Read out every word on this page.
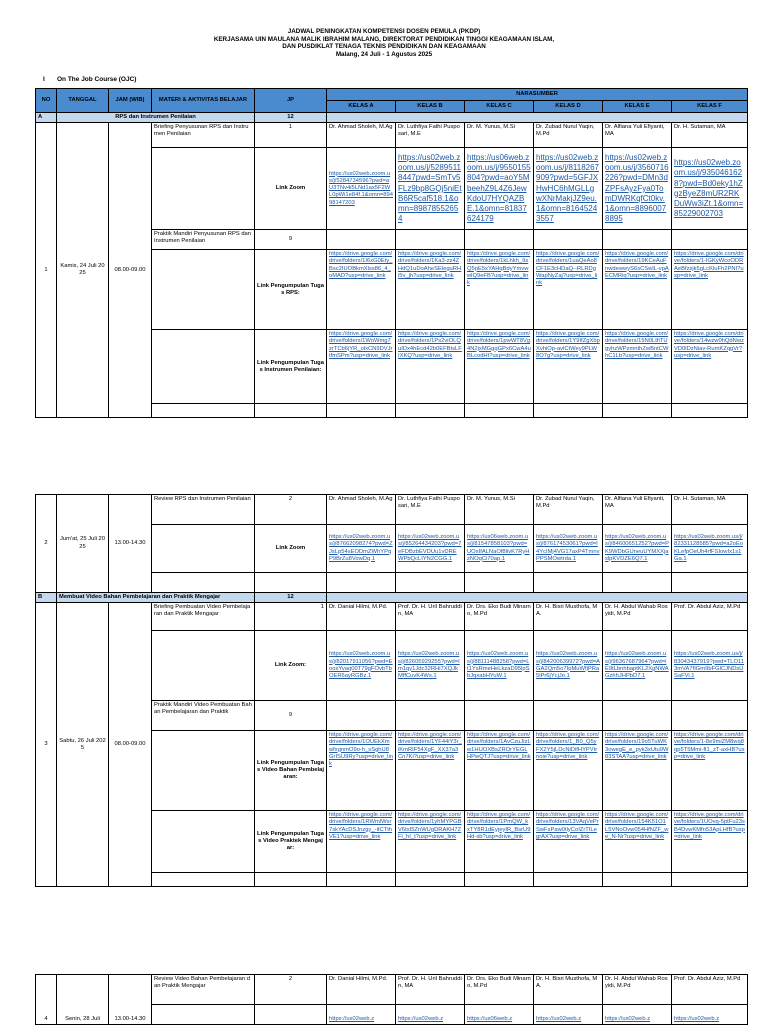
JADWAL PENINGKATAN KOMPETENSI DOSEN PEMULA (PKDP)
KERJASAMA UIN MAULANA MALIK IBRAHIM MALANG, DIREKTORAT PENDIDIKAN TINGGI KEAGAMAAN ISLAM,
DAN PUSDIKLAT TENAGA TEKNIS PENDIDIKAN DAN KEAGAMAAN
Malang, 24 Juli - 1 Agustus 2025
I On The Job Course (OJC)
NO	TANGGAL	JAM (WIB)	MATERI & AKTIVITAS BELAJAR	JP	NARASUMBER					
					KELAS A	KELAS B	KELAS C	KELAS D	KELAS E	KELAS F
A	RPS dan Instrumen Penilaian			12						
1	Kamis, 24 Juli 2025	08.00-09.00	Briefing Penyusunan RPS dan Instrumen Penilaian	1	Dr. Ahmad Sholeh, M.Ag	Dr. Luthfiya Fathi Pusposari, M.E	Dr. M. Yunus, M.Si	Dr. Zubad Nurul Yaqin, M.Pd	Dr. Alfiana Yuli Efiyanti, MA	Dr. H. Sutaman, MA
				Link Zoom	https://us02web.zoom.us/j/5284734596?pwd=aU3TNv4i5LNd1ax5F2WL0pWi1e84f.1&omn=89498147203	https://us02web.zoom.us/j/52895118447pwd=SmTv5FLz9bp8GQj5niEtB6R5caf518.1&omn=89878552654	https://us06web.zoom.us/j/9550155804?pwd=aoY5MbeehZ9L4Z6JewKdoU7HYQAZBE.1&omn=81837624179	https://us02web.zoom.us/j/8118267909?pwd=5GFJXHwHC6hMGLLgwXNrMakjJZ9eu.1&omn=81645243557	https://us02web.zoom.us/j/3560716226?pwd=DMn3dZPFsAyzFya0TomDWRKqfCt0kv.1&omn=88960078895	https://us02web.zoom.us/j/9350461628?pwd=Bd0eky1hZgzByeZ8mUR2RKDuWw3iZt.1&omn=85229002703
			Praktik Mandiri Penyusunan RPS dan Instrumen Penilaian	9						
				Link Pengumpulan Tugas RPS:	https://drive.google.com/drive/folders/1I6xG0Ety_Bsc2IUOBkmXlss86_4_oMAD?usp=drive_link	https://drive.google.com/drive/folders/1Ka3-zz4ZHdQ1uDoAheSEleguRHi5v_jh?usp=drive_link	https://drive.google.com/drive/folders/1kLhkh_9sQ5pE5xYAHqBdyYmvwwlQ9eFB?usp=drive_link	https://drive.google.com/drive/folders/1uaQeAo8CF1E3cHDaQ--RLRDgWapNyZaj?usp=drive_link	https://drive.google.com/drive/folders/19KCeAuFnwdewwyS6sCSwlL-vpAECMRiq?usp=drive_link	https://drive.google.com/drive/folders/1-IGKyWcoODRAeBfzsjk5gLcKluFh2PNI?usp=drive_link
				Link Pengumpulan Tugas Instrumen Penilaian:	https://drive.google.com/drive/folders/1WoWmg7zrTCb6jYR_olxCN9DVJrtfmSPm?usp=drive_link	https://drive.google.com/drive/folders/1Ps2viOLQuIDx4hEcd42b0EFBtsLFIXKQ?usp=drive_link	https://drive.google.com/drive/folders/1pwWT8Vg4N2jxMGgqGPx6CwA4uBLcodHt?usp=drive_link	https://drive.google.com/drive/folders/1Y9IfZgXbpXvhiOp-avlCtWey9PLW8O7g?usp=drive_link	https://drive.google.com/drive/folders/15N0LtfiTUgyhzWPzmnthZwBntCWhC1Lb?usp=drive_link	https://drive.google.com/drive/folders/14wzw0hQdNwzVD0lDzNiav-RumKZqgVr?usp=drive_link

2	Jum'at, 25 Juli 2025	13.00-14.30	Review RPS dan Instrumen Penilaian	2	Dr. Ahmad Sholeh, M.Ag	Dr. Luthfiya Fathi Pusposari, M.E	Dr. M. Yunus, M.Si	Dr. Zubad Nurul Yaqin, M.Pd	Dr. Alfiana Yuli Efiyanti, MA	Dr. H. Sutaman, MA
				Link Zoom	https://us02web.zoom.us/j/87662098274?pwd=ZJsLp54sEODmZWhYPqP9BrZu8VowDq.1	https://us02web.zoom.us/j/85264434203?pwd=7eFDBzbEVDUu1vDREWPbQcLIYN2CGG.1	https://us06web.zoom.us/j/81547858103?pwd=UOxIfALNaOf8livK7RyHzNOqCi70ap.1	https://us02web.zoom.us/j/87617453061?pwd=I4YcIMj4VG17axP4TmnvPPSMOwtrda.1	https://us02web.zoom.us/j/84600651252?pwd=PK9WDbGUneuUYMXXjaslpKVDZE6Q7.1	https://us02web.zoom.us/j/82331128585?pwd=a2oEoKLefpOeUh4rfFSIowIx1s1Ga.1

B	Membuat Video Bahan Pembelajaran dan Praktik Mengajar			12						
3	Sabtu, 26 Juli 2025	08.00-09.00	Briefing Pembuatan Video Pembelajaran dan Praktik Mengajar	1	Dr. Danial Hilmi, M.Pd.	Prof. Dr. H. Uril Bahruddin, MA	Dr. Drs. Eko Budi Minarno, M.Pd	Dr. H. Bisri Musthofa, MA.	Dr. H. Abdul Wahab Rosyidi, M.Pd	Prof. Dr. Abdul Aziz, M.Pd
				Link Zoom:	https://us02web.zoom.us/j/82017911056?pwd=EoosYvaq00T79gFOvbTbOER6ayRGBz.1	https://us02web.zoom.us/j/82605929255?pwd=Im1qy1Jdc32RHi7XQJkMffCuvK4Ws.1	https://us02web.zoom.us/j/88111488258?pwd=Lt1YsRmeHeLkzaD95lpSbJqxabHYuW.1	https://us02web.zoom.us/j/84200639972?pwd=AGA2Qm5o7IpMuWfjPRa5lPr6jYcjJo.1	https://us02web.zoom.us/j/96367687964?pwd=iE9tLbnhbaptKL2XgNWAGzhhJHPbD7.1	https://us02web.zoom.us/j/83043437919?pwd=TLO113mVA7fIGm9bFGlCJNDsUSaFVi.1
			Praktik Mandiri Video Pembuatan Bahan Pembelajaran dan Praktik	9						
				Link Pengumpulan Tugas Video Bahan Pembelajaran:	https://drive.google.com/drive/folders/1OUEkXmwfxgnmO9o-h_sSghU8GrISU9Ry?usp=drive_link	https://drive.google.com/drive/folders/1YF44iY3r_iKmRIF54XgF_XX37a3Cn7Ki?usp=drive_link	https://drive.google.com/drive/folders/1AvCzuJizLw1HUOXBsZROrYEGLHPwQTJ?usp=drive_link	https://drive.google.com/drive/folders/1_B0_Q5yFX2Y5jLDcNiDifHYPVtrnoie?usp=drive_link	https://drive.google.com/drive/folders/19o5TuWK3owegE_e_pyk3xUtu9W83STAA?usp=drive_link	https://drive.google.com/drive/folders/1-8e9miZM8wq8qp5T5Mmi-fI1_zT-axHB?usp=drive_link
				Link Pengumpulan Tugas Video Praktek Mengajar:	https://drive.google.com/drive/folders/1RWmlWsr7skYAcDSJnzgy_-itCTthVE1?usp=drive_link	https://drive.google.com/drive/folders/1yhMYPGBV6txI5ZnWUgDRAKH7ZFi_hI_t?usp=drive_link	https://drive.google.com/drive/folders/1PmQW_kxTY8R1dEyjeyIR_BsrU9Hd-sb?usp=drive_link	https://drive.google.com/drive/folders/13VAqVePrSwFsPaw0tlyCoIZrTILegrAX?usp=drive_link	https://drive.google.com/drive/folders/154K51O1L5VNoOvw054HfNZF_we_N-Nr?usp=drive_link	https://drive.google.com/drive/folders/1UOvq-5ptFu23sB4DvwKMfn53ApLHfB?usp=drive_link

4	Senin, 28 Juli	13.00-14.30	Review Video Bahan Pembelajaran dan Praktik Mengajar	2	Dr. Danial Hilmi, M.Pd.	Prof. Dr. H. Uril Bahruddin, MA	Dr. Drs. Eko Budi Minarno, M.Pd	Dr. H. Bisri Musthofa, MA.	Dr. H. Abdul Wahab Rosyidi, M.Pd	Prof. Dr. Abdul Aziz, M.Pd
					https://us02web.z	https://us02web.z	https://us06web.z	https://us02web.z	https://us02web.z	https://us02web.z
